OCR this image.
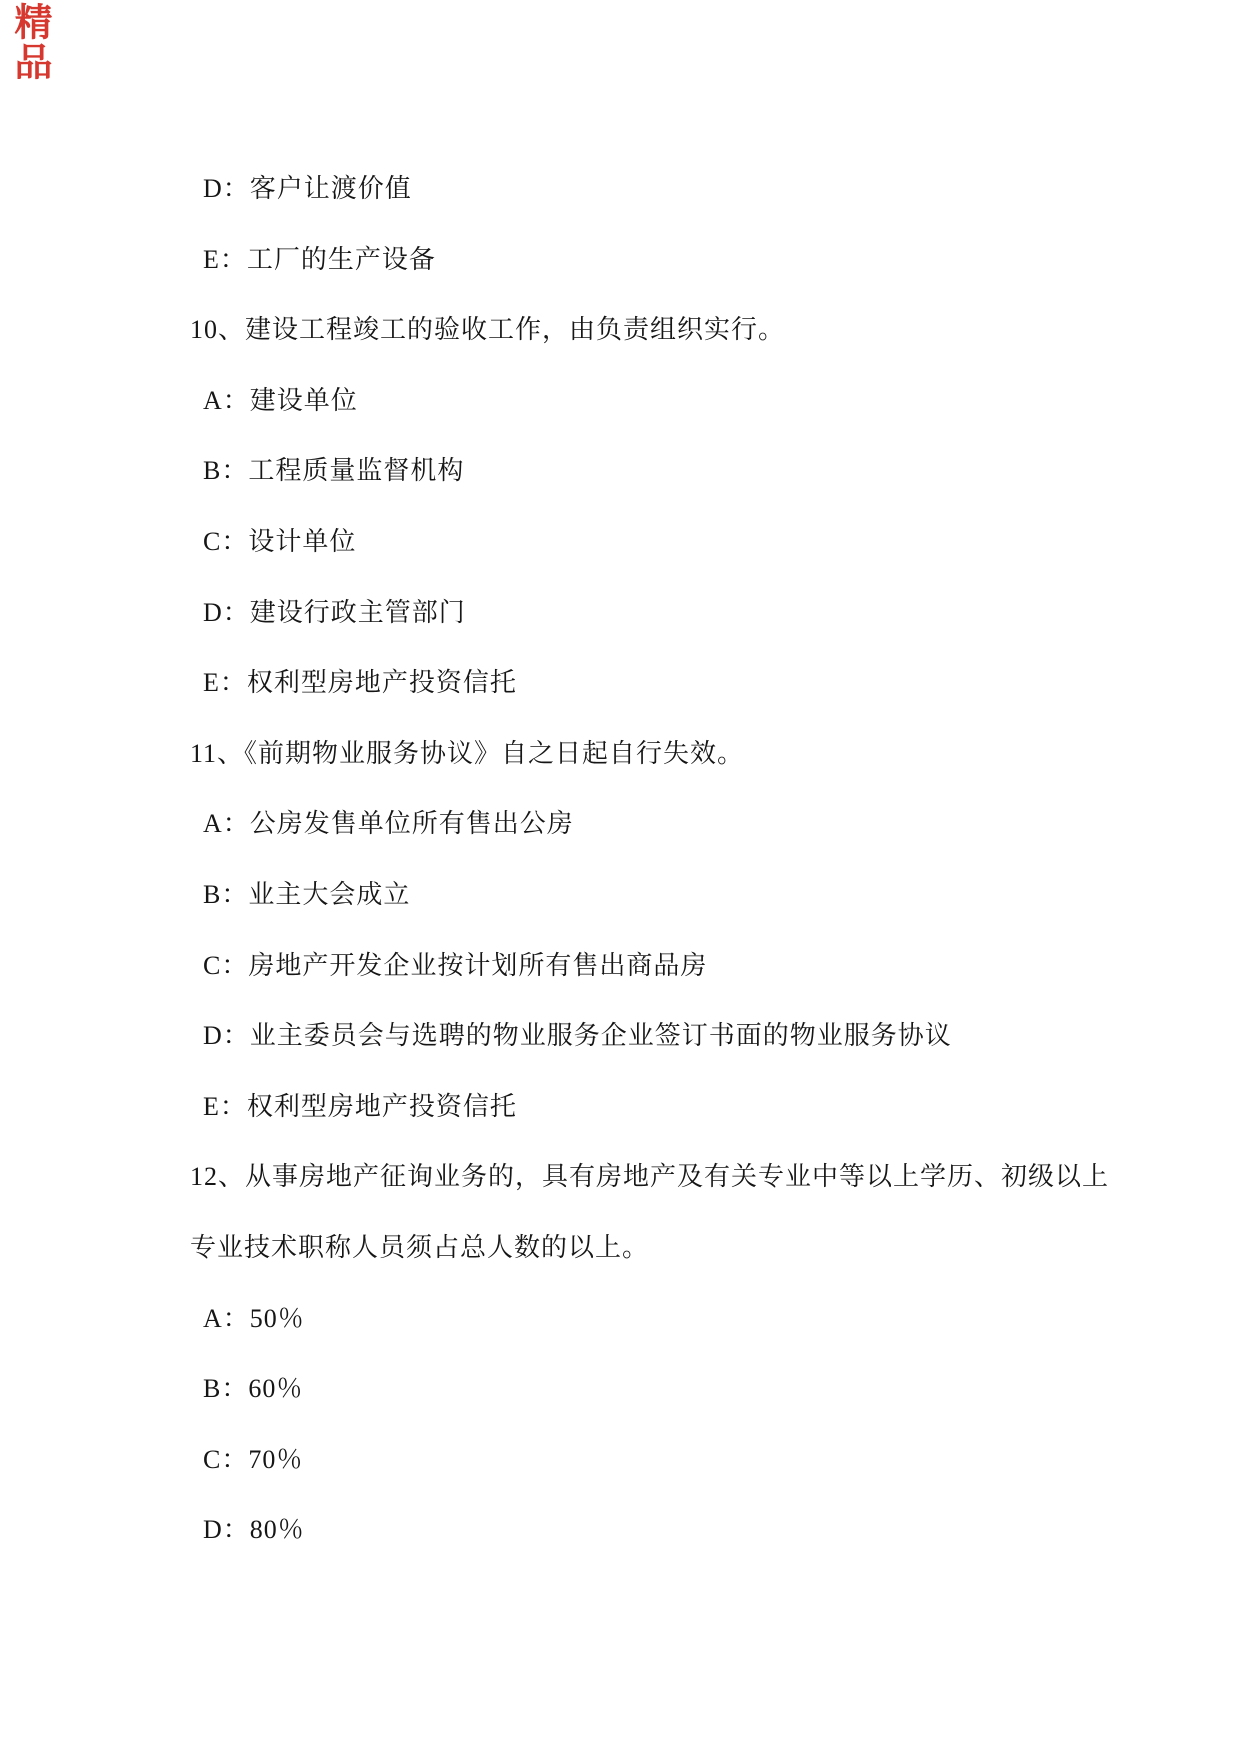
精品
D：客户让渡价值
E：工厂的生产设备
10、建设工程竣工的验收工作，由负责组织实行。
A：建设单位
B：工程质量监督机构
C：设计单位
D：建设行政主管部门
E：权利型房地产投资信托
11、《前期物业服务协议》自之日起自行失效。
A：公房发售单位所有售出公房
B：业主大会成立
C：房地产开发企业按计划所有售出商品房
D：业主委员会与选聘的物业服务企业签订书面的物业服务协议
E：权利型房地产投资信托
12、从事房地产征询业务的，具有房地产及有关专业中等以上学历、初级以上
专业技术职称人员须占总人数的以上。
A：50％
B：60％
C：70％
D：80％
